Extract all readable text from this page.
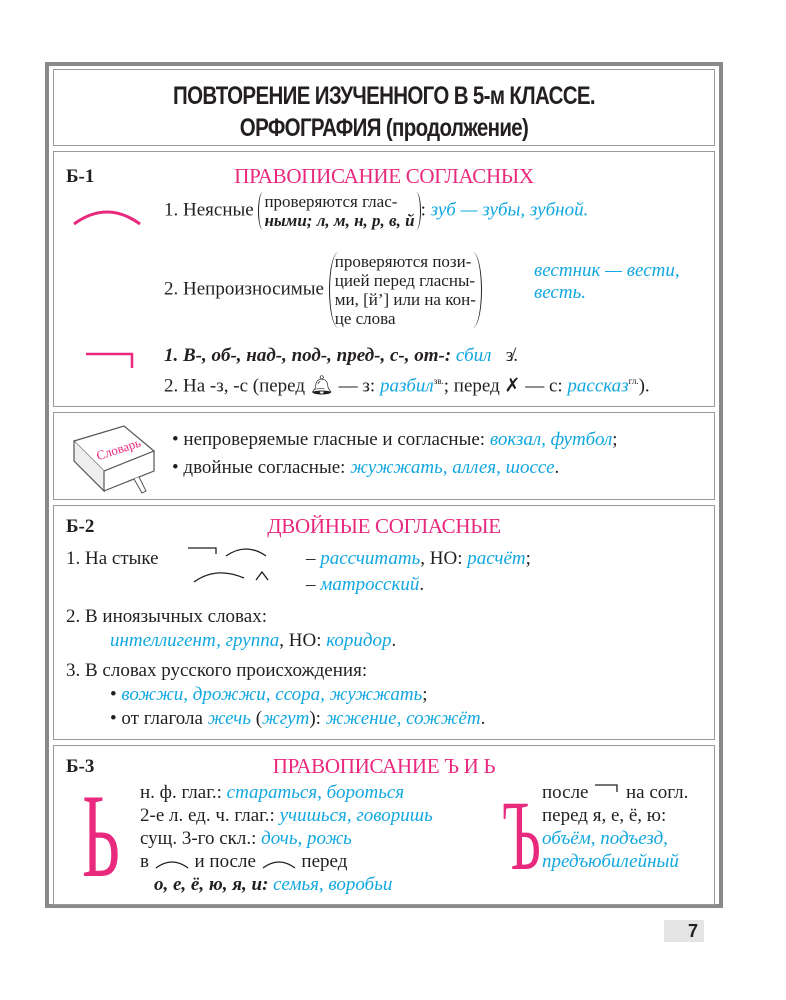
ПОВТОРЕНИЕ ИЗУЧЕННОГО В 5-м КЛАССЕ.
ОРФОГРАФИЯ (продолжение)
Б-1	ПРАВОПИСАНИЕ СОГЛАСНЫХ
1. Неясные проверяются глас-
ными; л, м, н, р, в, й: зуб — зубы, зубной.
2. Непроизносимые проверяются пози-
цией перед гласны-
ми, [й’] или на кон-
це слова
вестник — вести,
весть.
1. В-, об-, над-, под-, пред-, с-, от-: сбил з̸.
2. На -з, -с (перед 🔔︎ — з: разбил$^{зв.}$; перед ✗ — с: рассказ$^{гл.}$).
Словарь • непроверяемые гласные и согласные: вокзал, футбол;
• двойные согласные: жужжать, аллея, шоссе.
Б-2	ДВОЙНЫЕ СОГЛАСНЫЕ
1. На стыке	– рассчитать, НО: расчёт;
– матросский.
2. В иноязычных словах:
интеллигент, группа, НО: коридор.
3. В словах русского происхождения:
• вожжи, дрожжи, ссора, жужжать;
• от глагола жечь (жгут): жжение, сожжёт.
Б-3	ПРАВОПИСАНИЕ Ъ И Ь
Ь н. ф. глаг.: стараться, бороться
2-е л. ед. ч. глаг.: учишься, говоришь
сущ. 3-го скл.: дочь, рожь
в и после перед
о, е, ё, ю, я, и: семья, воробьи Ъ после на согл.
перед я, е, ё, ю:
объём, подъезд,
предъюбилейный
7
